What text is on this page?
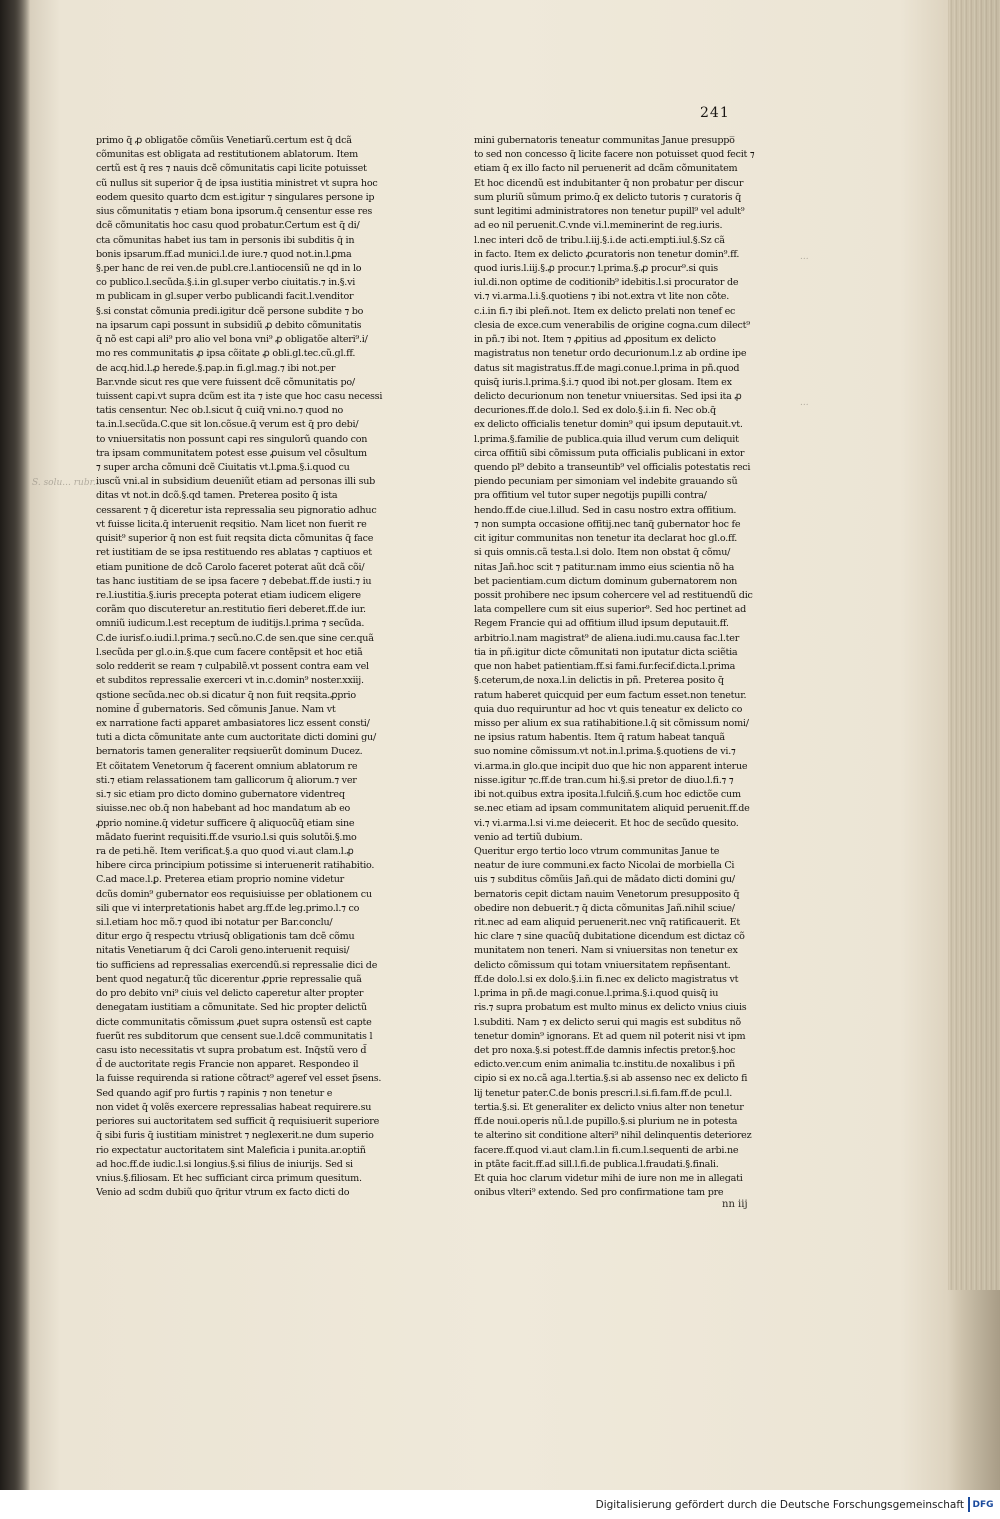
241
primo q̄ ꝓ obligatõe cõmũis Venetiarũ.certum est q̄ dcã
cõmunitas est obligata ad restitutionem ablatorum. Item
certũ est q̄ res ⁊ nauis dcẽ cõmunitatis capi licite potuisset
cũ nullus sit superior q̄ de ipsa iustitia ministret vt supra hoc
eodem quesito quarto dcm est.igitur ⁊ singulares persone ip
sius cõmunitatis ⁊ etiam bona ipsorum.q̄ censentur esse res
dcẽ cõmunitatis hoc casu quod probatur.Certum est q̄ di/
cta cõmunitas habet ius tam in personis ibi subditis q̄ in
bonis ipsarum.ff.ad munici.l.de iure.⁊ quod not.in.l.ꝑma
§.per hanc de rei ven.de publ.cre.l.antiocensiũ ne qd in lo
co publico.l.secũda.§.i.in gl.super verbo ciuitatis.⁊ in.§.vi
m publicam in gl.super verbo publicandi facit.l.venditor
§.si constat cõmunia predi.igitur dcẽ persone subdite ⁊ bo
na ipsarum capi possunt in subsidiũ ꝓ debito cõmunitatis
q̄ nõ est capi ali⁹ pro alio vel bona vni⁹ ꝓ obligatõe alteri⁹.i/
mo res communitatis ꝓ ipsa cõitate ꝓ obli.gl.tec.cũ.gl.ff.
de acq.hid.l.ꝓ herede.§.pap.in fi.gl.mag.⁊ ibi not.per
Bar.vnde sicut res que vere fuissent dcẽ cõmunitatis po/
tuissent capi.vt supra dcũm est ita ⁊ iste que hoc casu necessi
tatis censentur. Nec ob.l.sicut q̄ cuiq̃ vni.no.⁊ quod no
ta.in.l.secũda.C.que sit lon.cõsue.q̄ verum est q̄ pro debi/
to vniuersitatis non possunt capi res singulorũ quando con
tra ipsam communitatem potest esse ꝓuisum vel cõsultum
⁊ super archa cõmuni dcẽ Ciuitatis vt.l.ꝑma.§.i.quod cu
iuscũ vni.al in subsidium deueniũt etiam ad personas illi sub
ditas vt not.in dcõ.§.qd tamen. Preterea posito q̄ ista
cessarent ⁊ q̄ diceretur ista repressalia seu pignoratio adhuc
vt fuisse licita.q̄ interuenit reqsitio. Nam licet non fuerit re
quisit⁹ superior q̄ non est fuit reqsita dicta cõmunitas q̄ face
ret iustitiam de se ipsa restituendo res ablatas ⁊ captiuos et
etiam punitione de dcõ Carolo faceret poterat aũt dcã cõi/
tas hanc iustitiam de se ipsa facere ⁊ debebat.ff.de iusti.⁊ iu
re.l.iustitia.§.iuris precepta poterat etiam iudicem eligere
corãm quo discuteretur an.restitutio fieri deberet.ff.de iur.
omniũ iudicum.l.est receptum de iuditijs.l.prima ⁊ secũda.
C.de iurisf.o.iudi.l.prima.⁊ secũ.no.C.de sen.que sine cer.quã
l.secũda per gl.o.in.§.que cum facere contẽpsit et hoc etiã
solo redderit se ream ⁊ culpabilẽ.vt possent contra eam vel
et subditos repressalie exerceri vt in.c.domin⁹ noster.xxiij.
qstione secũda.nec ob.si dicatur q̄ non fuit reqsita.ꝓprio
nomine d̃ gubernatoris. Sed cõmunis Janue. Nam vt
ex narratione facti apparet ambasiatores licz essent consti/
tuti a dicta cõmunitate ante cum auctoritate dicti domini gu/
bernatoris tamen generaliter reqsiuerũt dominum Ducez.
Et cõitatem Venetorum q̄ facerent omnium ablatorum re
sti.⁊ etiam relassationem tam gallicorum q̄ aliorum.⁊ ver
si.⁊ sic etiam pro dicto domino gubernatore videntreq
siuisse.nec ob.q̄ non habebant ad hoc mandatum ab eo
ꝓprio nomine.q̄ videtur sufficere q̄ aliquocũq̄ etiam sine
mãdato fuerint requisiti.ff.de vsurio.l.si quis solutõi.§.mo
ra de peti.hẽ. Item verificat.§.a quo quod vi.aut clam.l.ꝓ
hibere circa principium potissime si interuenerit ratihabitio.
C.ad mace.l.ꝑ. Preterea etiam proprio nomine videtur
dcũs domin⁹ gubernator eos requisiuisse per oblationem cu
sili que vi interpretationis habet arg.ff.de leg.primo.l.⁊ co
si.l.etiam hoc mõ.⁊ quod ibi notatur per Bar.conclu/
ditur ergo q̄ respectu vtriusq̄ obligationis tam dcẽ cõmu
nitatis Venetiarum q̄ dci Caroli geno.interuenit requisi/
tio sufficiens ad repressalias exercendũ.si repressalie dici de
bent quod negatur.q̄ tũc dicerentur ꝓprie repressalie quã
do pro debito vni⁹ ciuis vel delicto caperetur alter propter
denegatam iustitiam a cõmunitate. Sed hic propter delictũ
dicte communitatis cõmissum ꝓuet supra ostensũ est capte
fuerũt res subditorum que censent sue.l.dcẽ communitatis l
casu isto necessitatis vt supra probatum est. Inq̃stũ vero d̃
d̃ de auctoritate regis Francie non apparet. Respondeo il
la fuisse requirenda si ratione cõtract⁹ ageref vel esset p̃sens.
Sed quando agif pro furtis ⁊ rapinis ⁊ non tenetur e
non videt q̄ volẽs exercere repressalias habeat requirere.su
periores sui auctoritatem sed sufficit q̄ requisiuerit superiore
q̄ sibi furis q̄ iustitiam ministret ⁊ neglexerit.ne dum superio
rio expectatur auctoritatem sint Maleficia i punita.ar.optiñ
ad hoc.ff.de iudic.l.si longius.§.si filius de iniurijs. Sed si
vnius.§.filiosam. Et hec sufficiant circa primum quesitum.
Venio ad scdm dubiũ quo q̃ritur vtrum ex facto dicti do
mini gubernatoris teneatur communitas Janue presuppo̅
to sed non concesso q̄ licite facere non potuisset quod fecit ⁊
etiam q̄ ex illo facto nil peruenerit ad dcãm cõmunitatem
Et hoc dicendũ est indubitanter q̄ non probatur per discur
sum pluriũ sũmum primo.q̄ ex delicto tutoris ⁊ curatoris q̄
sunt legitimi administratores non tenetur pupill⁹ vel adult⁹
ad eo nil peruenit.C.vnde vi.l.meminerint de reg.iuris.
l.nec interi dcõ de tribu.l.iij.§.i.de acti.empti.iul.§.Sz cã
in facto. Item ex delicto ꝓcuratoris non tenetur domin⁹.ff.
quod iuris.l.iij.§.ꝓ procur.⁊ l.prima.§.ꝓ procur⁹.si quis
iul.di.non optime de coditionib⁹ idebitis.l.si procurator de
vi.⁊ vi.arma.l.i.§.quotiens ⁊ ibi not.extra vt lite non cõte.
c.i.in fi.⁊ ibi pleñ.not. Item ex delicto prelati non tenef ec
clesia de exce.cum venerabilis de origine cogna.cum dilect⁹
in pñ.⁊ ibi not. Item ⁊ ꝓpitius ad ꝓpositum ex delicto
magistratus non tenetur ordo decurionum.l.z ab ordine ipe
datus sit magistratus.ff.de magi.conue.l.prima in pñ.quod
quisq̄ iuris.l.prima.§.i.⁊ quod ibi not.per glosam. Item ex
delicto decurionum non tenetur vniuersitas. Sed ipsi ita ꝓ
decuriones.ff.de dolo.l. Sed ex dolo.§.i.in fi. Nec ob.q̄
ex delicto officialis tenetur domin⁹ qui ipsum deputauit.vt.
l.prima.§.familie de publica.quia illud verum cum deliquit
circa offitiũ sibi cõmissum puta officialis publicani in extor
quendo pl⁹ debito a transeuntib⁹ vel officialis potestatis reci
piendo pecuniam per simoniam vel indebite grauando sũ
pra offitium vel tutor super negotijs pupilli contra/
hendo.ff.de ciue.l.illud. Sed in casu nostro extra offitium.
⁊ non sumpta occasione offitij.nec tanq̃ gubernator hoc fe
cit igitur communitas non tenetur ita declarat hoc gl.o.ff.
si quis omnis.cã testa.l.si dolo. Item non obstat q̄ cõmu/
nitas Jañ.hoc scit ⁊ patitur.nam immo eius scientia nõ ha
bet pacientiam.cum dictum dominum gubernatorem non
possit prohibere nec ipsum cohercere vel ad restituendũ dic
lata compellere cum sit eius superior⁹. Sed hoc pertinet ad
Regem Francie qui ad offitium illud ipsum deputauit.ff.
arbitrio.l.nam magistrat⁹ de aliena.iudi.mu.causa fac.l.ter
tia in pñ.igitur dicte cõmunitati non iputatur dicta sciẽtia
que non habet patientiam.ff.si fami.fur.fecif.dicta.l.prima
§.ceterum,de noxa.l.in delictis in pñ. Preterea posito q̄
ratum haberet quicquid per eum factum esset.non tenetur.
quia duo requiruntur ad hoc vt quis teneatur ex delicto co
misso per alium ex sua ratihabitione.l.q̄ sit cõmissum nomi/
ne ipsius ratum habentis. Item q̄ ratum habeat tanquã
suo nomine cõmissum.vt not.in.l.prima.§.quotiens de vi.⁊
vi.arma.in glo.que incipit duo que hic non apparent interue
nisse.igitur ⁊c.ff.de tran.cum hi.§.si pretor de diuo.l.fi.⁊ ⁊
ibi not.quibus extra iposita.l.fulciñ.§.cum hoc edictõe cum
se.nec etiam ad ipsam communitatem aliquid peruenit.ff.de
vi.⁊ vi.arma.l.si vi.me deiecerit. Et hoc de secũdo quesito.
venio ad tertiũ dubium.
Queritur ergo tertio loco vtrum communitas Janue te
neatur de iure communi.ex facto Nicolai de morbiella Ci
uis ⁊ subditus cõmũis Jañ.qui de mãdato dicti domini gu/
bernatoris cepit dictam nauim Venetorum presupposito q̄
obedire non debuerit.⁊ q̄ dicta cõmunitas Jañ.nihil sciue/
rit.nec ad eam aliquid peruenerit.nec vnq̃ ratificauerit. Et
hic clare ⁊ sine quacũq̄ dubitatione dicendum est dictaz cõ
munitatem non teneri. Nam si vniuersitas non tenetur ex
delicto cõmissum qui totam vniuersitatem repñsentant.
ff.de dolo.l.si ex dolo.§.i.in fi.nec ex delicto magistratus vt
l.prima in pñ.de magi.conue.l.prima.§.i.quod quisq̄ iu
ris.⁊ supra probatum est multo minus ex delicto vnius ciuis
l.subditi. Nam ⁊ ex delicto serui qui magis est subditus nõ
tenetur domin⁹ ignorans. Et ad quem nil poterit nisi vt ipm
det pro noxa.§.si potest.ff.de damnis infectis pretor.§.hoc
edicto.ver.cum enim animalia tc.institu.de noxalibus i pñ
cipio si ex no.cã aga.l.tertia.§.si ab assenso nec ex delicto fi
lij tenetur pater.C.de bonis prescri.l.si.fi.fam.ff.de pcul.l.
tertia.§.si. Et generaliter ex delicto vnius alter non tenetur
ff.de noui.operis nũ.l.de pupillo.§.si plurium ne in potesta
te alterino sit conditione alteri⁹ nihil delinquentis deteriorez
facere.ff.quod vi.aut clam.l.in fi.cum.l.sequenti de arbi.ne
in ptãte facit.ff.ad sill.l.fi.de publica.l.fraudati.§.finali.
Et quia hoc clarum videtur mihi de iure non me in allegati
onibus vlteri⁹ extendo. Sed pro confirmatione tam pre
S. solu... rubr...
...
...
nn iij
Digitalisierung gefördert durch die Deutsche Forschungsgemeinschaft DFG
